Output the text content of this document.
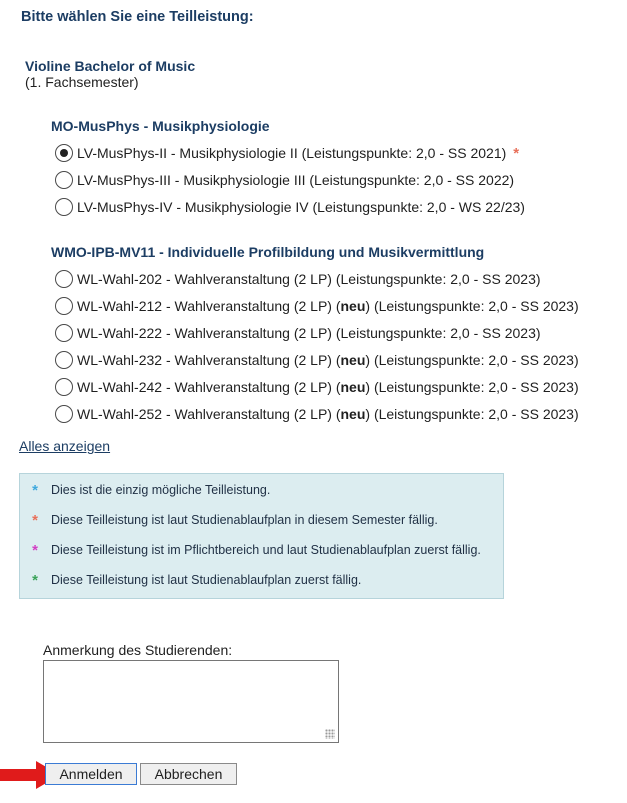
Bitte wählen Sie eine Teilleistung:
Violine Bachelor of Music
(1. Fachsemester)
MO-MusPhys - Musikphysiologie
LV-MusPhys-II - Musikphysiologie II (Leistungspunkte: 2,0 - SS 2021) *
LV-MusPhys-III - Musikphysiologie III (Leistungspunkte: 2,0 - SS 2022)
LV-MusPhys-IV - Musikphysiologie IV (Leistungspunkte: 2,0 - WS 22/23)
WMO-IPB-MV11 - Individuelle Profilbildung und Musikvermittlung
WL-Wahl-202 - Wahlveranstaltung (2 LP) (Leistungspunkte: 2,0 - SS 2023)
WL-Wahl-212 - Wahlveranstaltung (2 LP) (neu) (Leistungspunkte: 2,0 - SS 2023)
WL-Wahl-222 - Wahlveranstaltung (2 LP) (Leistungspunkte: 2,0 - SS 2023)
WL-Wahl-232 - Wahlveranstaltung (2 LP) (neu) (Leistungspunkte: 2,0 - SS 2023)
WL-Wahl-242 - Wahlveranstaltung (2 LP) (neu) (Leistungspunkte: 2,0 - SS 2023)
WL-Wahl-252 - Wahlveranstaltung (2 LP) (neu) (Leistungspunkte: 2,0 - SS 2023)
Alles anzeigen
*	Dies ist die einzig mögliche Teilleistung.
*	Diese Teilleistung ist laut Studienablaufplan in diesem Semester fällig.
*	Diese Teilleistung ist im Pflichtbereich und laut Studienablaufplan zuerst fällig.
*	Diese Teilleistung ist laut Studienablaufplan zuerst fällig.
Anmerkung des Studierenden:
Anmelden	Abbrechen
